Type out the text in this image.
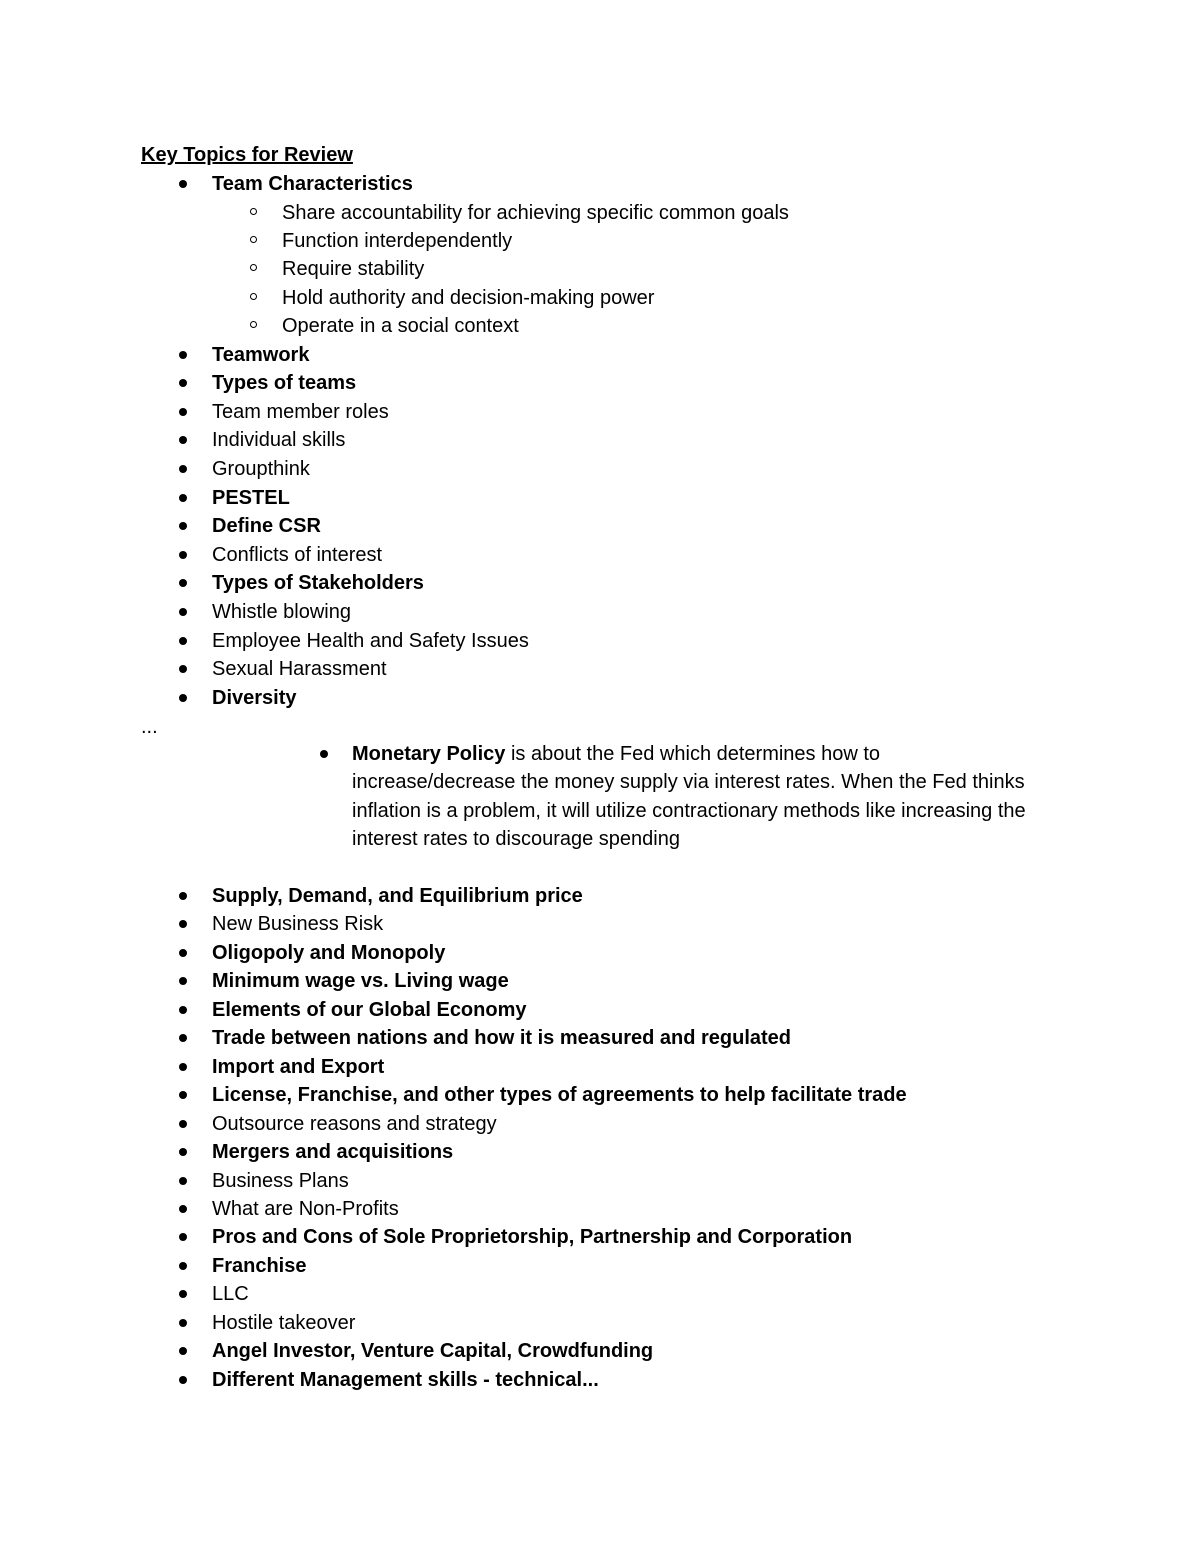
Key Topics for Review
Team Characteristics
Share accountability for achieving specific common goals
Function interdependently
Require stability
Hold authority and decision-making power
Operate in a social context
Teamwork
Types of teams
Team member roles
Individual skills
Groupthink
PESTEL
Define CSR
Conflicts of interest
Types of Stakeholders
Whistle blowing
Employee Health and Safety Issues
Sexual Harassment
Diversity
...
Monetary Policy is about the Fed which determines how to increase/decrease the money supply via interest rates. When the Fed thinks inflation is a problem, it will utilize contractionary methods like increasing the interest rates to discourage spending
Supply, Demand, and Equilibrium price
New Business Risk
Oligopoly and Monopoly
Minimum wage vs. Living wage
Elements of our Global Economy
Trade between nations and how it is measured and regulated
Import and Export
License, Franchise, and other types of agreements to help facilitate trade
Outsource reasons and strategy
Mergers and acquisitions
Business Plans
What are Non-Profits
Pros and Cons of Sole Proprietorship, Partnership and Corporation
Franchise
LLC
Hostile takeover
Angel Investor, Venture Capital, Crowdfunding
Different Management skills - technical...
